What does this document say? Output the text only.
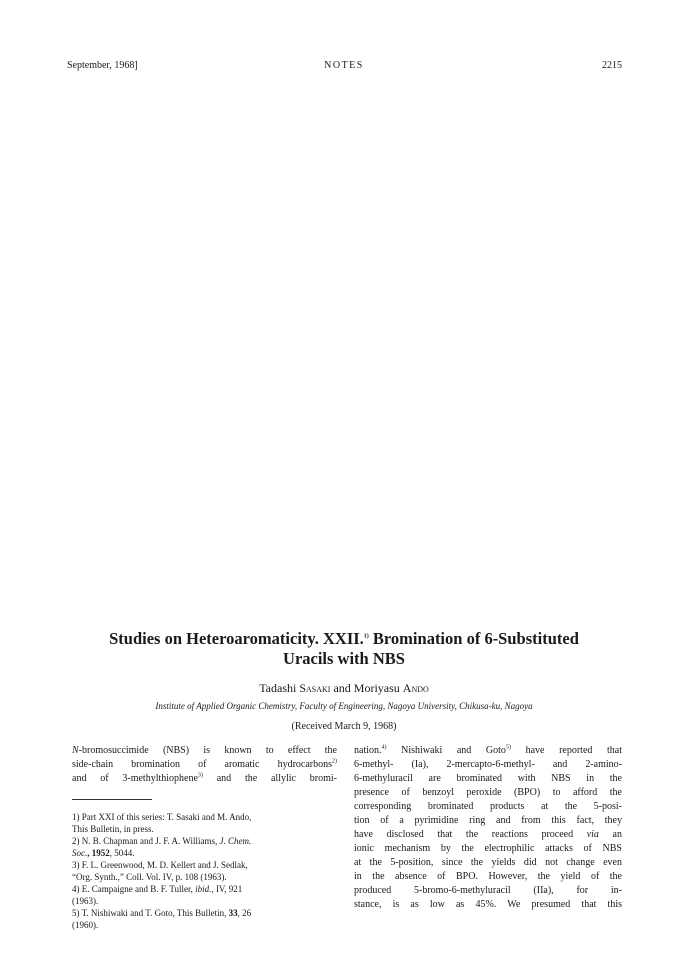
September, 1968]	NOTES	2215
Studies on Heteroaromaticity. XXII.$^{1)}$ Bromination of 6-Substituted
Uracils with NBS
Tadashi Sasaki and Moriyasu Ando
Institute of Applied Organic Chemistry, Faculty of Engineering, Nagoya University, Chikusa-ku, Nagoya
(Received March 9, 1968)
N-bromosuccimide (NBS) is known to effect the
side-chain bromination of aromatic hydrocarbons$^{2)}$
and of 3-methylthiophene$^{3)}$ and the allylic bromi-
1) Part XXI of this series: T. Sasaki and M. Ando,
This Bulletin, in press.
2) N. B. Chapman and J. F. A. Williams, J. Chem.
Soc., 1952, 5044.
3) F. L. Greenwood, M. D. Kellert and J. Sedlak,
“Org. Synth.,” Coll. Vol. IV, p. 108 (1963).
4) E. Campaigne and B. F. Tuller, ibid., IV, 921
(1963).
5) T. Nishiwaki and T. Goto, This Bulletin, 33, 26
(1960).
nation.$^{4)}$ Nishiwaki and Goto$^{5)}$ have reported that
6-methyl- (Ia), 2-mercapto-6-methyl- and 2-amino-
6-methyluracil are brominated with NBS in the
presence of benzoyl peroxide (BPO) to afford the
corresponding brominated products at the 5-posi-
tion of a pyrimidine ring and from this fact, they
have disclosed that the reactions proceed via an
ionic mechanism by the electrophilic attacks of NBS
at the 5-position, since the yields did not change even
in the absence of BPO. However, the yield of the
produced 5-bromo-6-methyluracil (IIa), for in-
stance, is as low as 45%. We presumed that this
